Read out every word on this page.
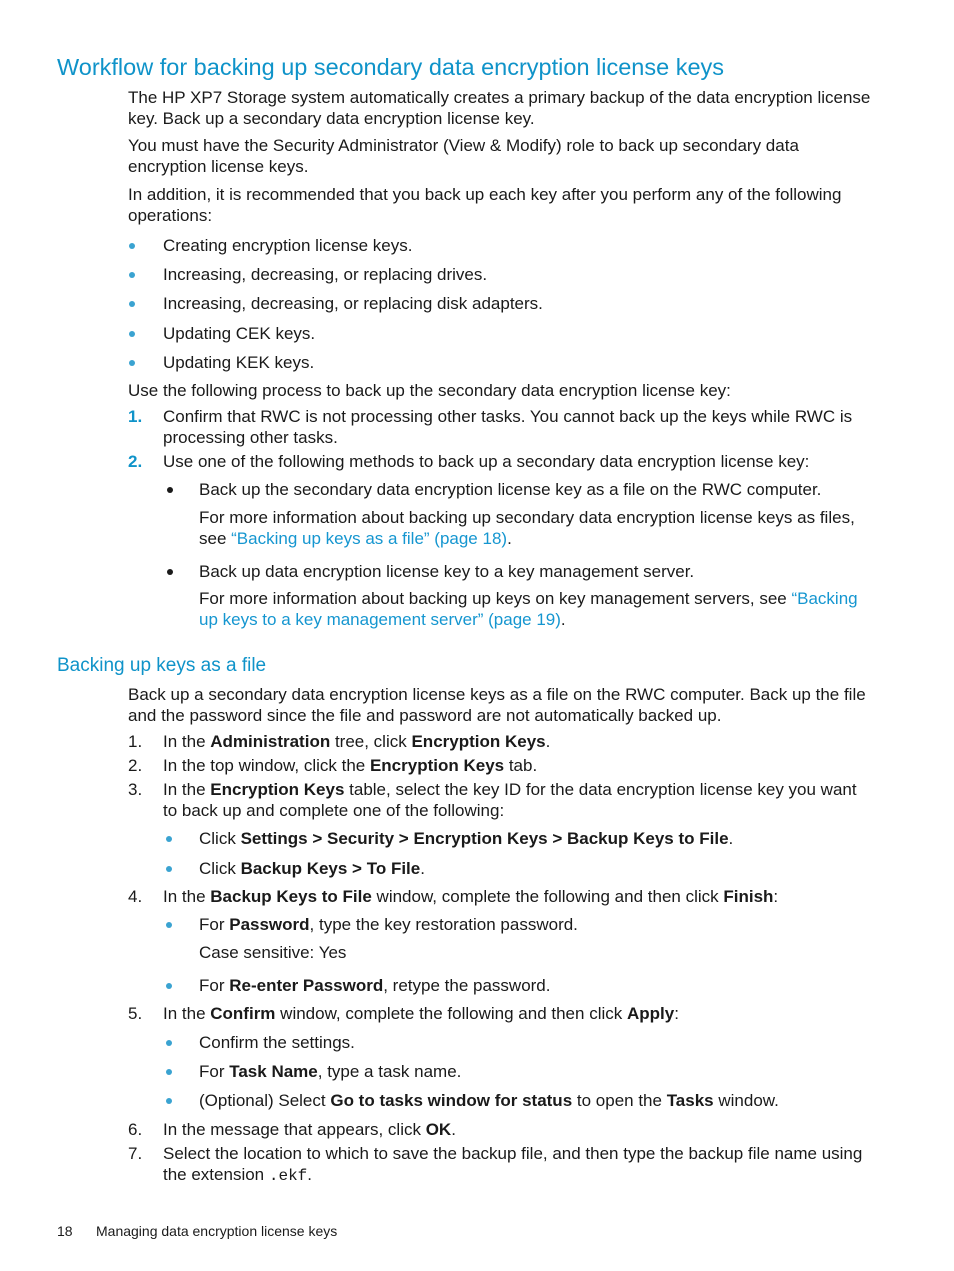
Workflow for backing up secondary data encryption license keys
The HP XP7 Storage system automatically creates a primary backup of the data encryption license key. Back up a secondary data encryption license key.
You must have the Security Administrator (View & Modify) role to back up secondary data encryption license keys.
In addition, it is recommended that you back up each key after you perform any of the following operations:
Creating encryption license keys.
Increasing, decreasing, or replacing drives.
Increasing, decreasing, or replacing disk adapters.
Updating CEK keys.
Updating KEK keys.
Use the following process to back up the secondary data encryption license key:
1. Confirm that RWC is not processing other tasks. You cannot back up the keys while RWC is processing other tasks.
2. Use one of the following methods to back up a secondary data encryption license key:
Back up the secondary data encryption license key as a file on the RWC computer.
For more information about backing up secondary data encryption license keys as files, see “Backing up keys as a file” (page 18).
Back up data encryption license key to a key management server.
For more information about backing up keys on key management servers, see “Backing up keys to a key management server” (page 19).
Backing up keys as a file
Back up a secondary data encryption license keys as a file on the RWC computer. Back up the file and the password since the file and password are not automatically backed up.
1. In the Administration tree, click Encryption Keys.
2. In the top window, click the Encryption Keys tab.
3. In the Encryption Keys table, select the key ID for the data encryption license key you want to back up and complete one of the following:
Click Settings > Security > Encryption Keys > Backup Keys to File.
Click Backup Keys > To File.
4. In the Backup Keys to File window, complete the following and then click Finish:
For Password, type the key restoration password.
Case sensitive: Yes
For Re-enter Password, retype the password.
5. In the Confirm window, complete the following and then click Apply:
Confirm the settings.
For Task Name, type a task name.
(Optional) Select Go to tasks window for status to open the Tasks window.
6. In the message that appears, click OK.
7. Select the location to which to save the backup file, and then type the backup file name using the extension .ekf.
18 Managing data encryption license keys
